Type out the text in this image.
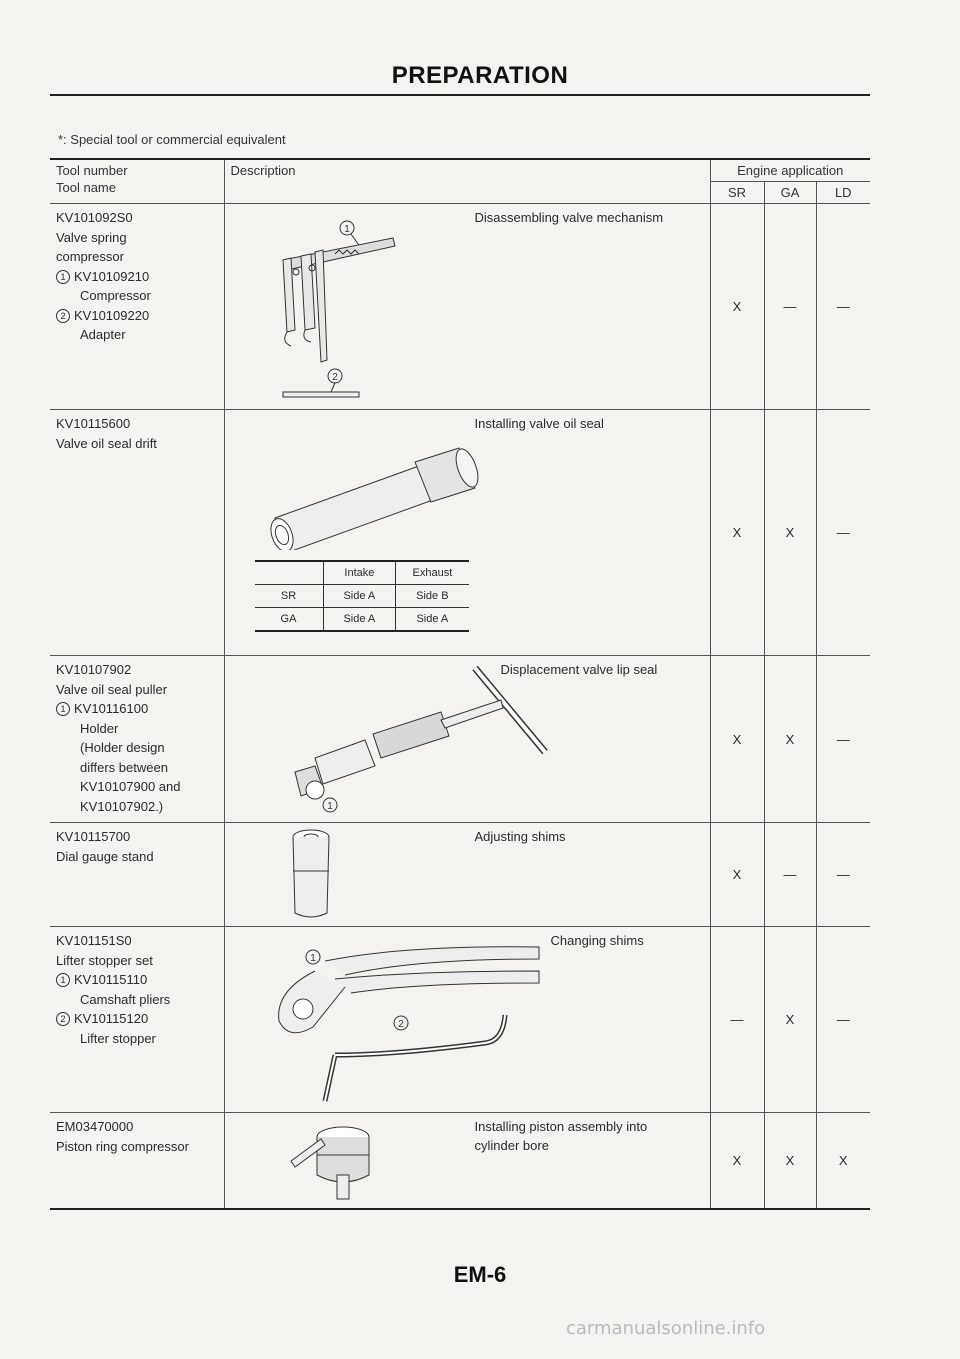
PREPARATION
*: Special tool or commercial equivalent
Tool number
Tool name
	Description	Engine application
SR	GA	LD

KV101092S0
Valve spring
compressor
1 KV10109210
Compressor
2 KV10109220
Adapter

1
2
Disassembling valve mechanism
	X	—	—

KV10115600
Valve oil seal drift

Installing valve oil seal
	Intake	Exhaust
SR	Side A	Side B
GA	Side A	Side A
	X	X	—

KV10107902
Valve oil seal puller
1 KV10116100
Holder
(Holder design
differs between
KV10107900 and
KV10107902.)	1
Displacement valve lip seal
	X	X	—

KV10115700
Dial gauge stand

Adjusting shims
	X	—	—

KV101151S0
Lifter stopper set
1 KV10115110
Camshaft pliers
2 KV10115120
Lifter stopper

1
2
Changing shims
	—	X	—

EM03470000
Piston ring compressor

Installing piston assembly into
cylinder bore
	X	X	X
EM-6
carmanualsonline.info
